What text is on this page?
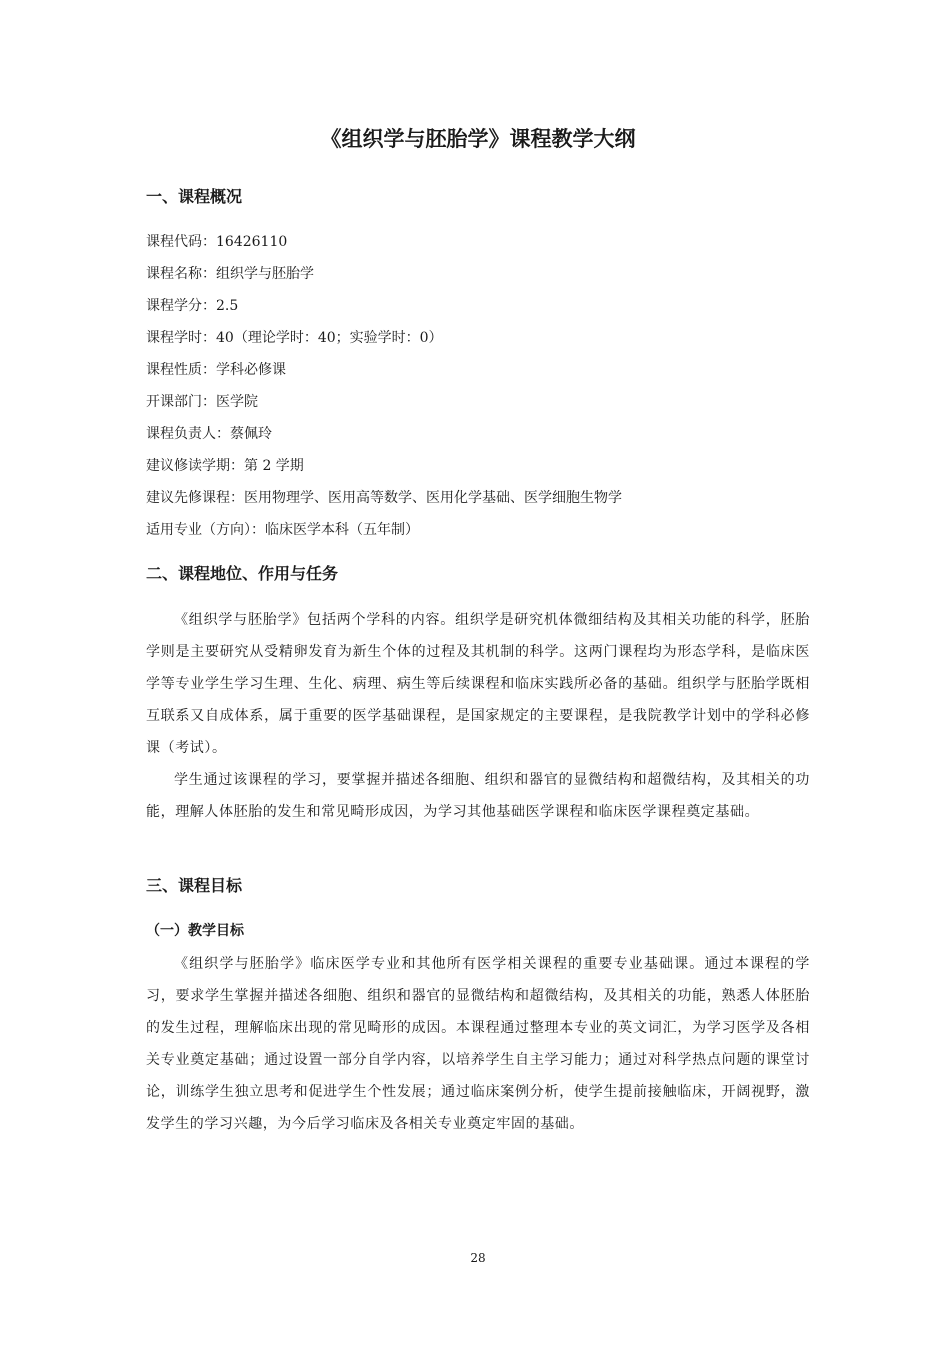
《组织学与胚胎学》课程教学大纲
一、课程概况
课程代码：16426110
课程名称：组织学与胚胎学
课程学分：2.5
课程学时：40（理论学时：40；实验学时：0）
课程性质：学科必修课
开课部门：医学院
课程负责人：蔡佩玲
建议修读学期：第 2 学期
建议先修课程：医用物理学、医用高等数学、医用化学基础、医学细胞生物学
适用专业（方向）：临床医学本科（五年制）
二、课程地位、作用与任务

《组织学与胚胎学》包括两个学科的内容。组织学是研究机体微细结构及其相关功能的科学，胚胎学则是主要研究从受精卵发育为新生个体的过程及其机制的科学。这两门课程均为形态学科，是临床医学等专业学生学习生理、生化、病理、病生等后续课程和临床实践所必备的基础。组织学与胚胎学既相互联系又自成体系，属于重要的医学基础课程，是国家规定的主要课程，是我院教学计划中的学科必修课（考试）。

学生通过该课程的学习，要掌握并描述各细胞、组织和器官的显微结构和超微结构，及其相关的功能，理解人体胚胎的发生和常见畸形成因，为学习其他基础医学课程和临床医学课程奠定基础。

三、课程目标
（一）教学目标

《组织学与胚胎学》临床医学专业和其他所有医学相关课程的重要专业基础课。通过本课程的学习，要求学生掌握并描述各细胞、组织和器官的显微结构和超微结构，及其相关的功能，熟悉人体胚胎的发生过程，理解临床出现的常见畸形的成因。本课程通过整理本专业的英文词汇，为学习医学及各相关专业奠定基础；通过设置一部分自学内容，以培养学生自主学习能力；通过对科学热点问题的课堂讨论，训练学生独立思考和促进学生个性发展；通过临床案例分析，使学生提前接触临床，开阔视野，激发学生的学习兴趣，为今后学习临床及各相关专业奠定牢固的基础。

28
